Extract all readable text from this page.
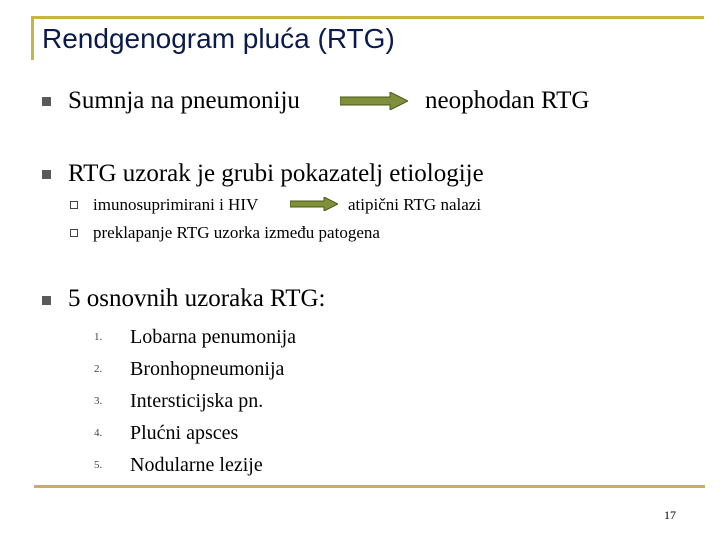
Rendgenogram pluća (RTG)
Sumnja na pneumoniju	neophodan RTG
RTG uzorak je grubi pokazatelj etiologije
imunosuprimirani i HIV	atipični RTG nalazi
preklapanje RTG uzorka između patogena
5 osnovnih uzoraka RTG:
1. Lobarna penumonija
2. Bronhopneumonija
3. Intersticijska pn.
4. Plućni apsces
5. Nodularne lezije
17
